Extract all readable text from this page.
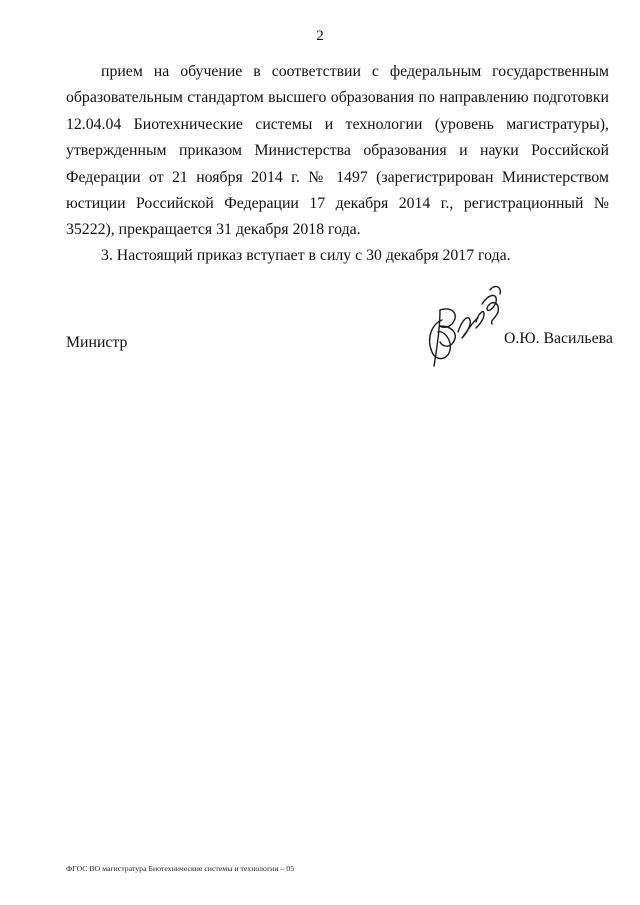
2

прием на обучение в соответствии с федеральным государственным образовательным стандартом высшего образования по направлению подготовки 12.04.04 Биотехнические системы и технологии (уровень магистратуры), утвержденным приказом Министерства образования и науки Российской Федерации от 21 ноября 2014 г. № 1497 (зарегистрирован Министерством юстиции Российской Федерации 17 декабря 2014 г., регистрационный № 35222), прекращается 31 декабря 2018 года.

3. Настоящий приказ вступает в силу с 30 декабря 2017 года.

Министр	О.Ю. Васильева
ФГОС ВО магистратура Биотехнические системы и технологии – 05
